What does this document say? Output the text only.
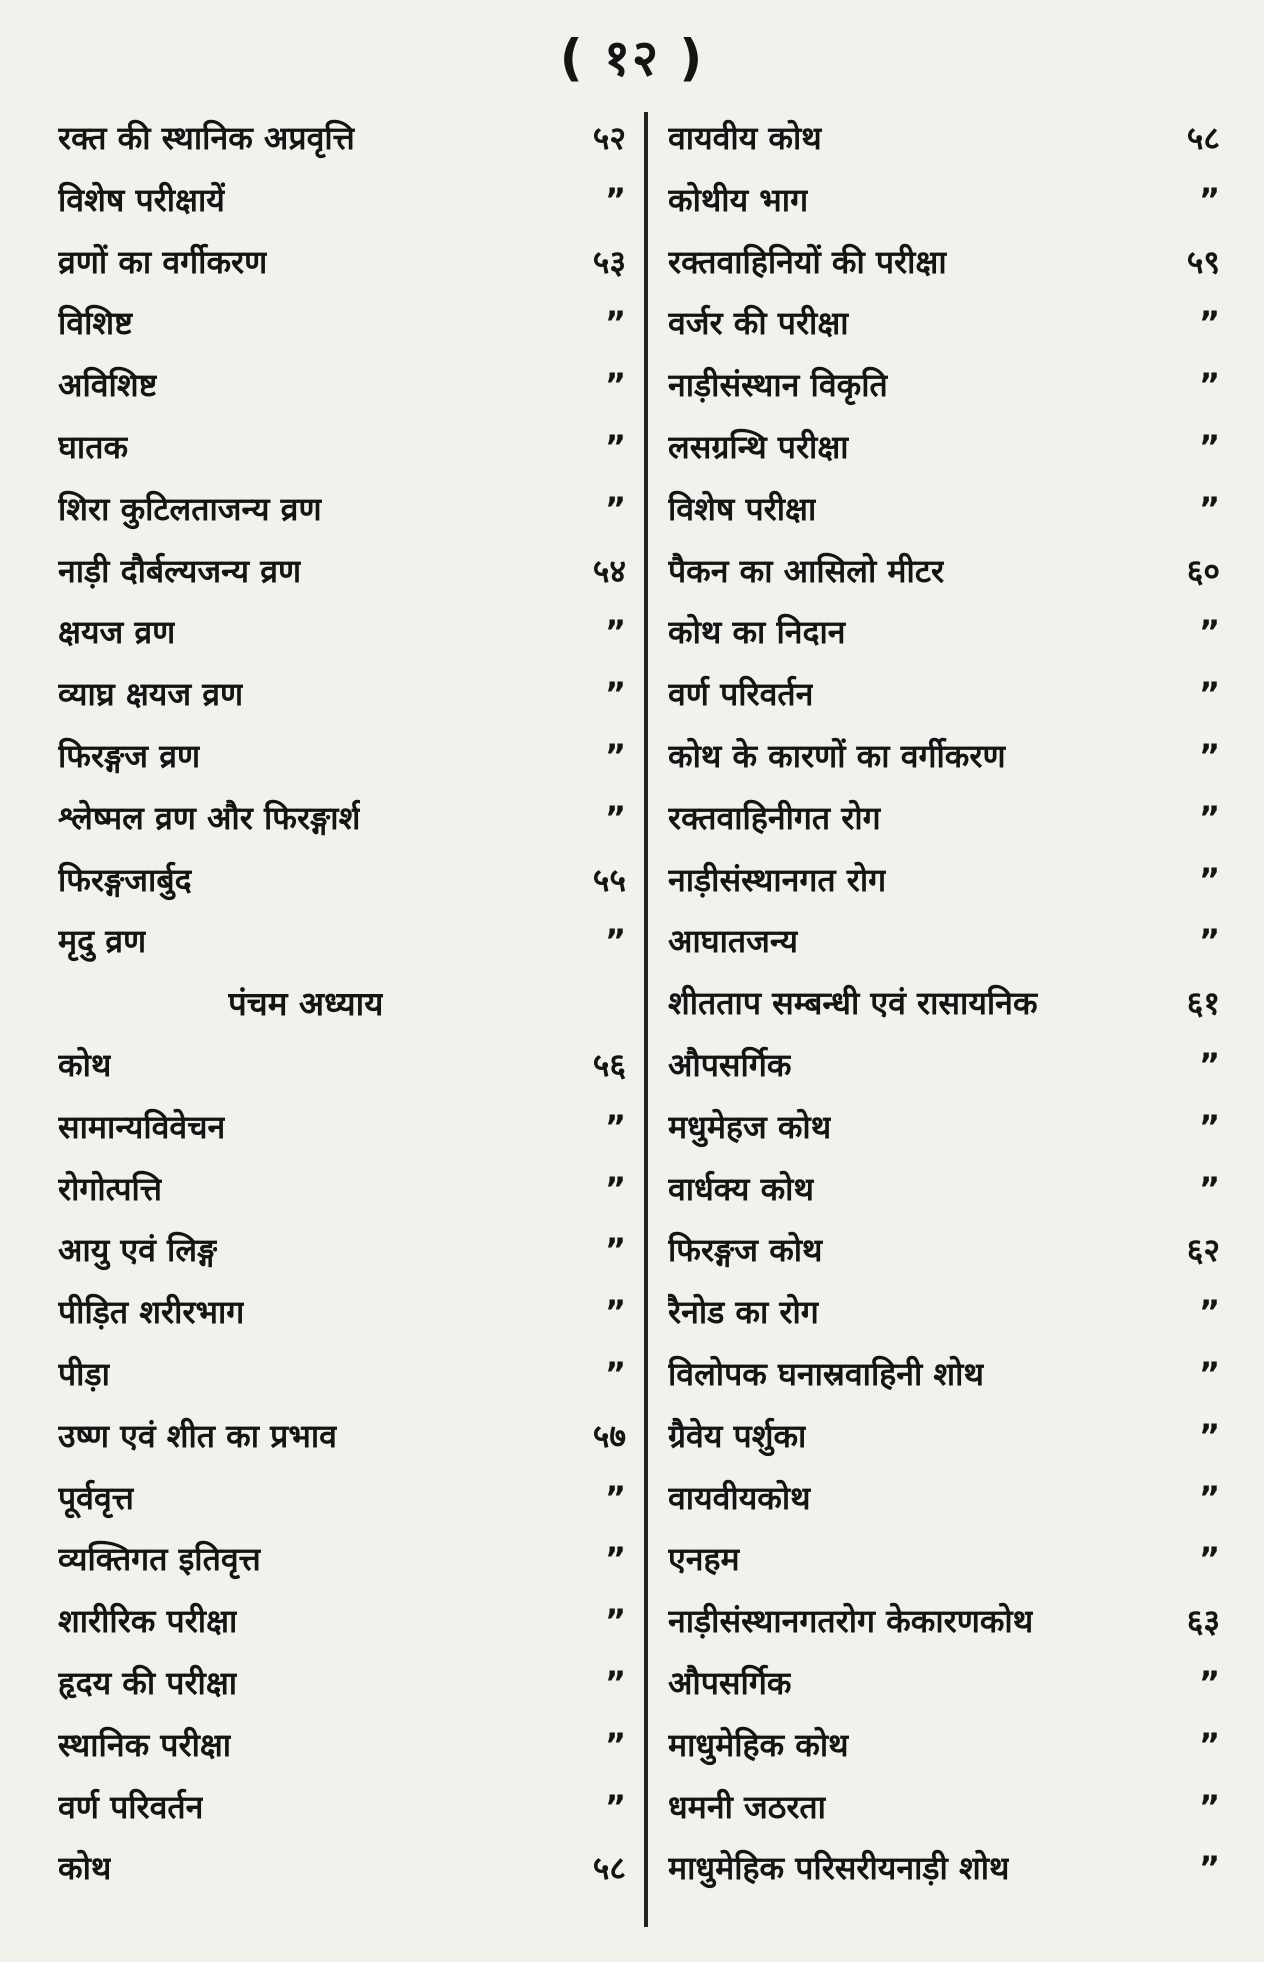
( १२ )
रक्त की स्थानिक अप्रवृत्ति	५२
विशेष परीक्षायें	”
व्रणों का वर्गीकरण	५३
विशिष्ट	”
अविशिष्ट	”
घातक	”
शिरा कुटिलताजन्य व्रण	”
नाड़ी दौर्बल्यजन्य व्रण	५४
क्षयज व्रण	”
व्याघ्र क्षयज व्रण	”
फिरङ्गज व्रण	”
श्लेष्मल व्रण और फिरङ्गार्श	”
फिरङ्गजार्बुद	५५
मृदु व्रण	”
पंचम अध्याय
कोथ	५६
सामान्यविवेचन	”
रोगोत्पत्ति	”
आयु एवं लिङ्ग	”
पीड़ित शरीरभाग	”
पीड़ा	”
उष्ण एवं शीत का प्रभाव	५७
पूर्ववृत्त	”
व्यक्तिगत इतिवृत्त	”
शारीरिक परीक्षा	”
हृदय की परीक्षा	”
स्थानिक परीक्षा	”
वर्ण परिवर्तन	”
कोथ	५८
वायवीय कोथ	५८
कोथीय भाग	”
रक्तवाहिनियों की परीक्षा	५९
वर्जर की परीक्षा	”
नाड़ीसंस्थान विकृति	”
लसग्रन्थि परीक्षा	”
विशेष परीक्षा	”
पैकन का आसिलो मीटर	६०
कोथ का निदान	”
वर्ण परिवर्तन	”
कोथ के कारणों का वर्गीकरण	”
रक्तवाहिनीगत रोग	”
नाड़ीसंस्थानगत रोग	”
आघातजन्य	”
शीतताप सम्बन्धी एवं रासायनिक	६१
औपसर्गिक	”
मधुमेहज कोथ	”
वार्धक्य कोथ	”
फिरङ्गज कोथ	६२
रैनोड का रोग	”
विलोपक घनास्रवाहिनी शोथ	”
ग्रैवेय पर्शुका	”
वायवीयकोथ	”
एनहम	”
नाड़ीसंस्थानगतरोग केकारणकोथ	६३
औपसर्गिक	”
माधुमेहिक कोथ	”
धमनी जठरता	”
माधुमेहिक परिसरीयनाड़ी शोथ	”
